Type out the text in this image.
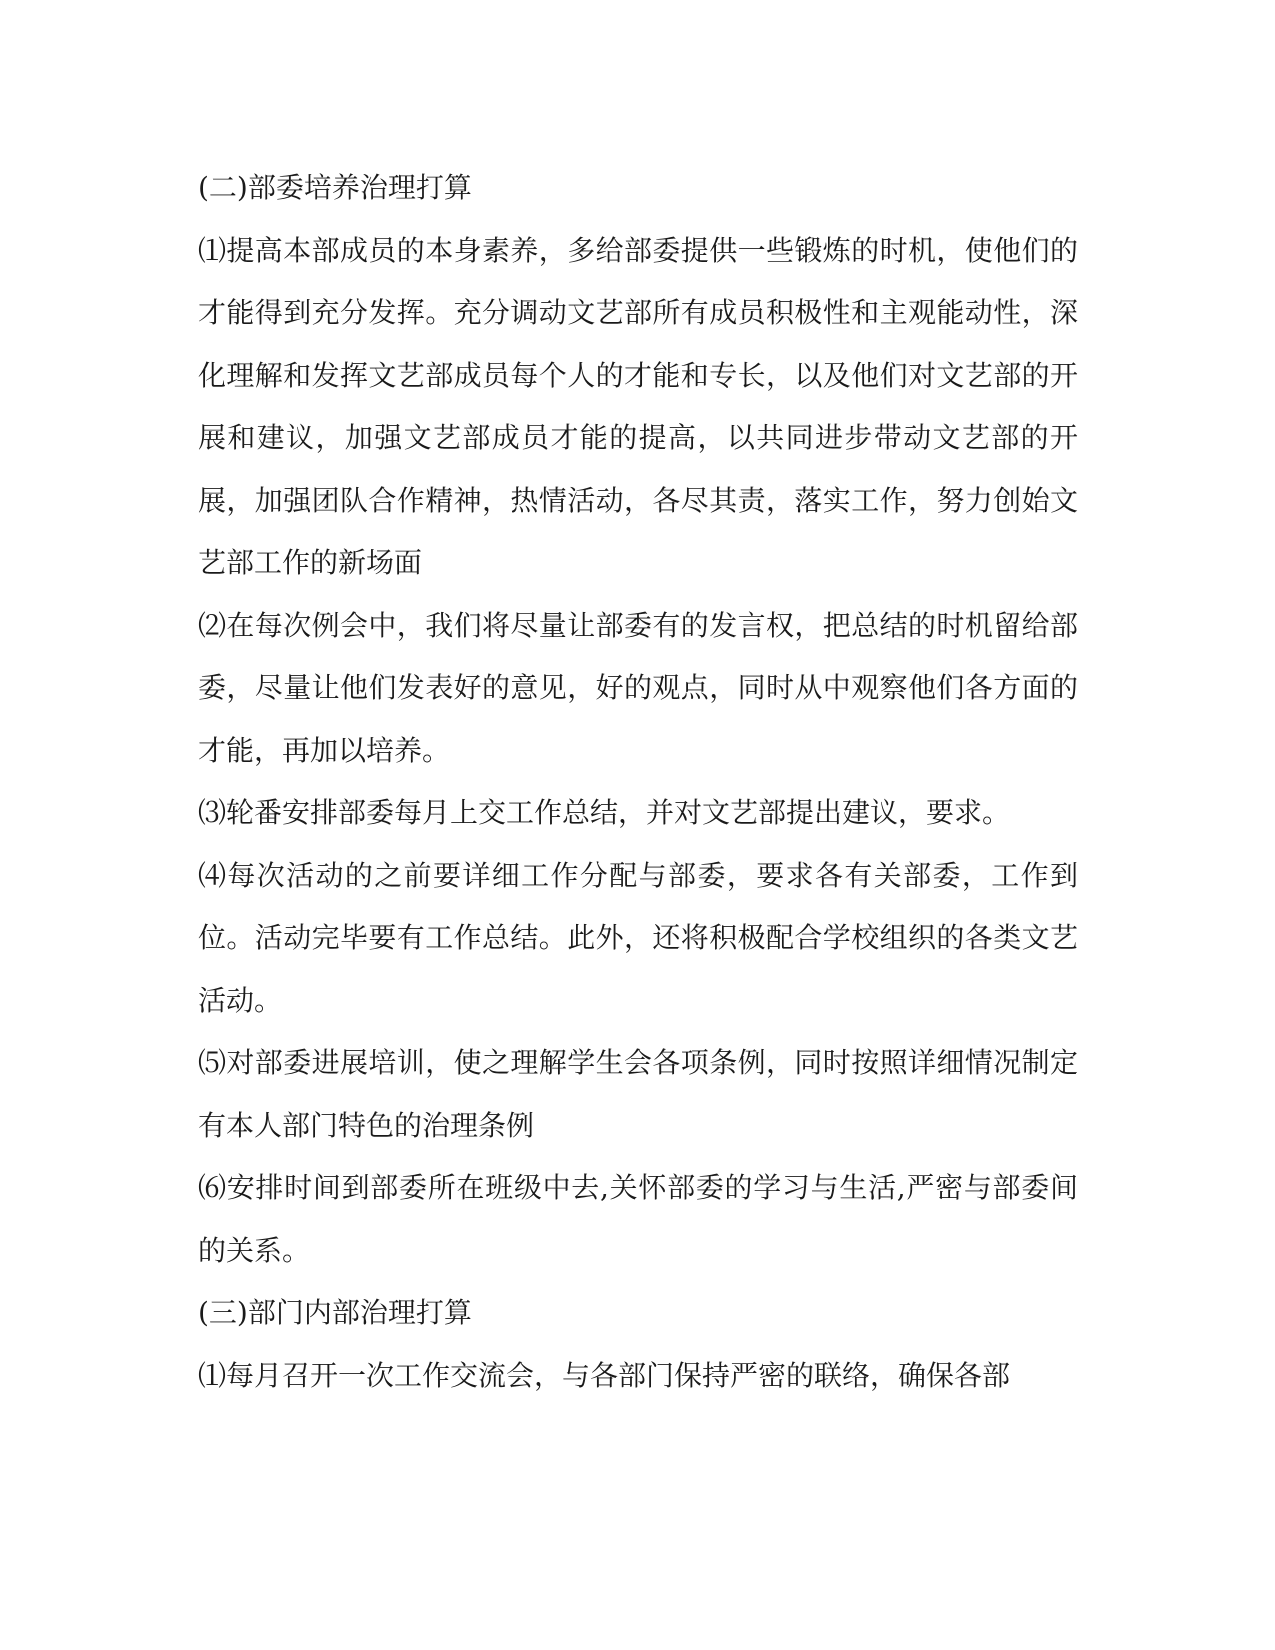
(二)部委培养治理打算

⑴提高本部成员的本身素养，多给部委提供一些锻炼的时机，使他们的才能得到充分发挥。充分调动文艺部所有成员积极性和主观能动性，深化理解和发挥文艺部成员每个人的才能和专长，以及他们对文艺部的开展和建议，加强文艺部成员才能的提高，以共同进步带动文艺部的开展，加强团队合作精神，热情活动，各尽其责，落实工作，努力创始文艺部工作的新场面

⑵在每次例会中，我们将尽量让部委有的发言权，把总结的时机留给部委，尽量让他们发表好的意见，好的观点，同时从中观察他们各方面的才能，再加以培养。

⑶轮番安排部委每月上交工作总结，并对文艺部提出建议，要求。

⑷每次活动的之前要详细工作分配与部委，要求各有关部委，工作到位。活动完毕要有工作总结。此外，还将积极配合学校组织的各类文艺活动。

⑸对部委进展培训，使之理解学生会各项条例，同时按照详细情况制定有本人部门特色的治理条例

⑹安排时间到部委所在班级中去,关怀部委的学习与生活,严密与部委间的关系。

(三)部门内部治理打算

⑴每月召开一次工作交流会，与各部门保持严密的联络，确保各部
